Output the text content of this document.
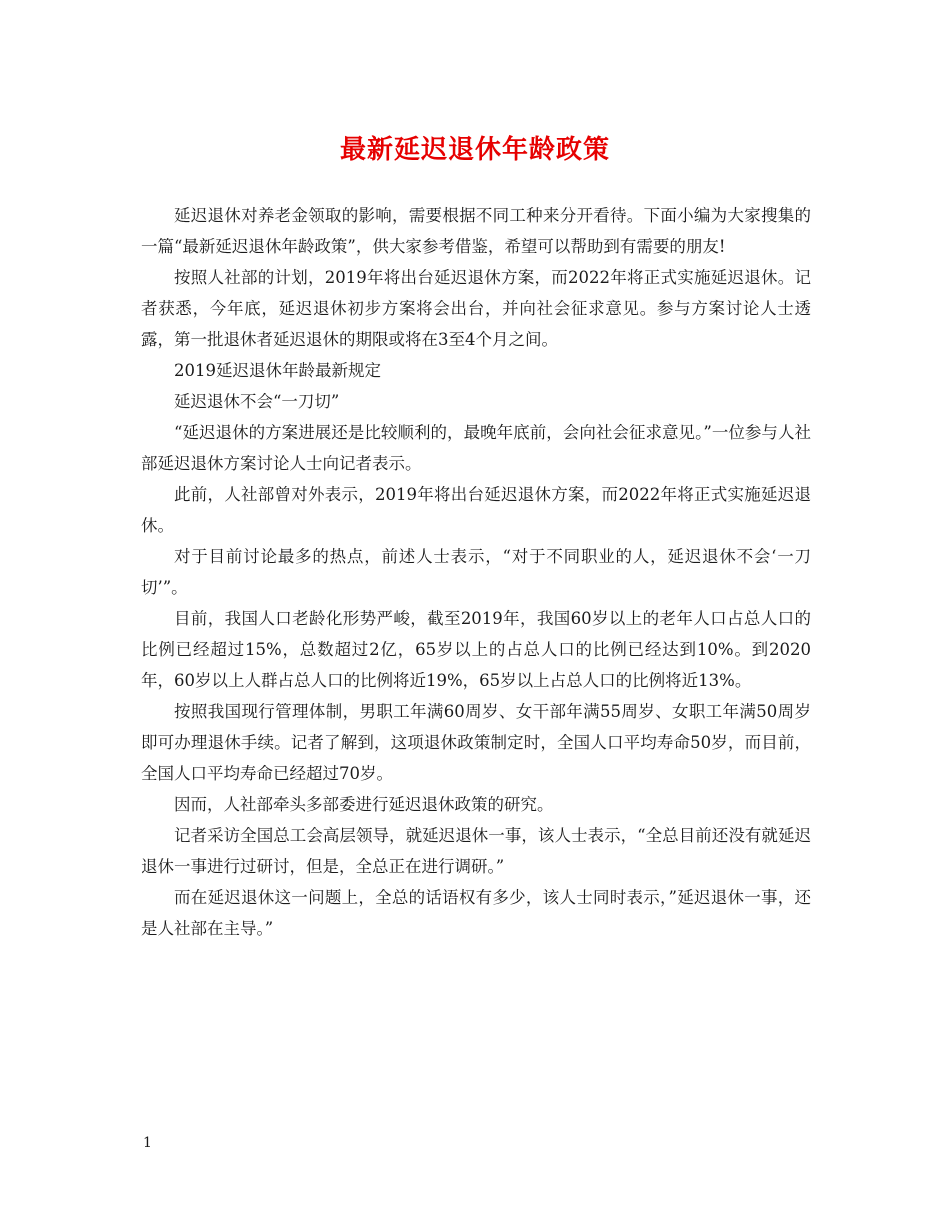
最新延迟退休年龄政策

延迟退休对养老金领取的影响，需要根据不同工种来分开看待。下面小编为大家搜集的一篇“最新延迟退休年龄政策”，供大家参考借鉴，希望可以帮助到有需要的朋友!

按照人社部的计划，2019年将出台延迟退休方案，而2022年将正式实施延迟退休。记者获悉，今年底，延迟退休初步方案将会出台，并向社会征求意见。参与方案讨论人士透露，第一批退休者延迟退休的期限或将在3至4个月之间。

2019延迟退休年龄最新规定

延迟退休不会“一刀切”

“延迟退休的方案进展还是比较顺利的，最晚年底前，会向社会征求意见。”一位参与人社部延迟退休方案讨论人士向记者表示。

此前，人社部曾对外表示，2019年将出台延迟退休方案，而2022年将正式实施延迟退休。

对于目前讨论最多的热点，前述人士表示，“对于不同职业的人，延迟退休不会‘一刀切’”。

目前，我国人口老龄化形势严峻，截至2019年，我国60岁以上的老年人口占总人口的比例已经超过15%，总数超过2亿，65岁以上的占总人口的比例已经达到10%。到2020年，60岁以上人群占总人口的比例将近19%，65岁以上占总人口的比例将近13%。

按照我国现行管理体制，男职工年满60周岁、女干部年满55周岁、女职工年满50周岁即可办理退休手续。记者了解到，这项退休政策制定时，全国人口平均寿命50岁，而目前，全国人口平均寿命已经超过70岁。

因而，人社部牵头多部委进行延迟退休政策的研究。

记者采访全国总工会高层领导，就延迟退休一事，该人士表示，“全总目前还没有就延迟退休一事进行过研讨，但是，全总正在进行调研。”

而在延迟退休这一问题上，全总的话语权有多少，该人士同时表示，”延迟退休一事，还是人社部在主导。”

1
